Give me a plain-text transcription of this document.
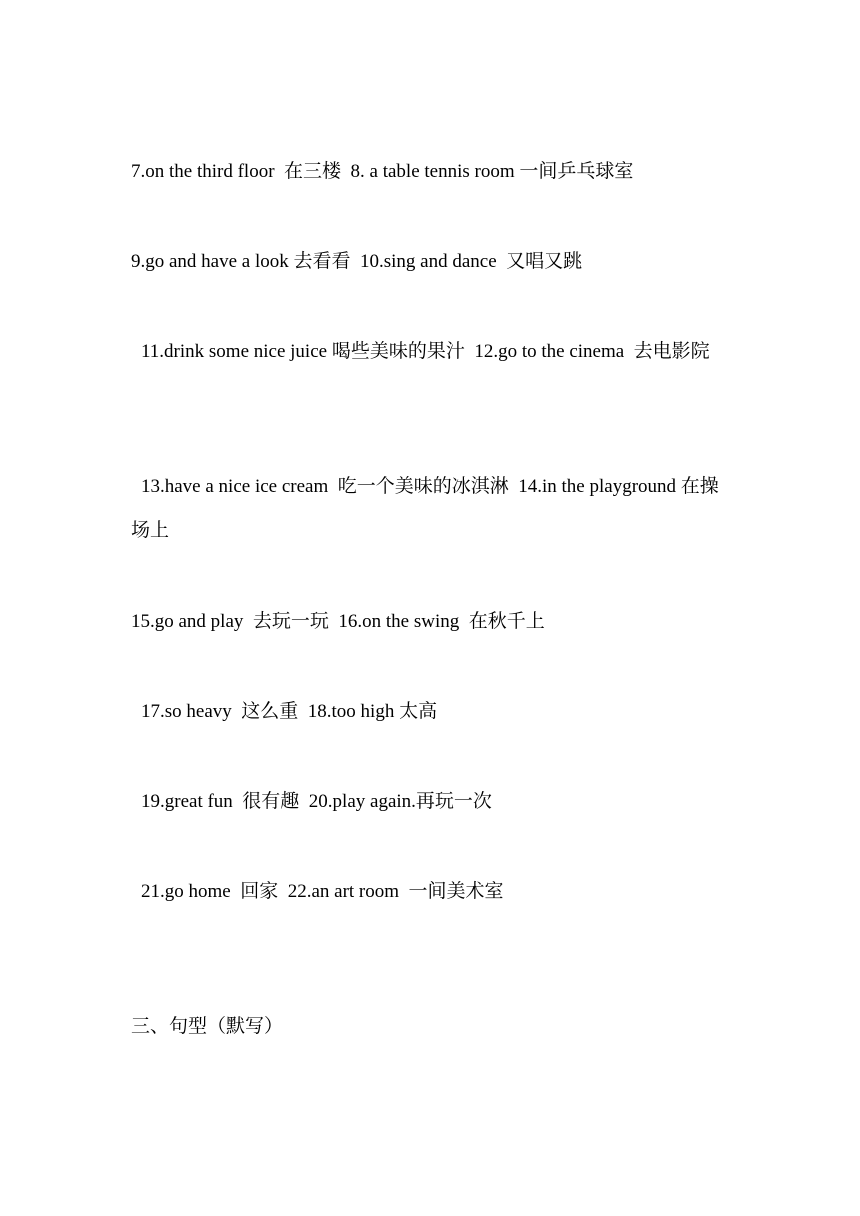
7.on the third floor  在三楼  8. a table tennis room 一间乒乓球室
9.go and have a look 去看看  10.sing and dance  又唱又跳
11.drink some nice juice 喝些美味的果汁  12.go to the cinema  去电影院
13.have a nice ice cream  吃一个美味的冰淇淋  14.in the playground 在操场上
15.go and play  去玩一玩  16.on the swing  在秋千上
17.so heavy  这么重  18.too high 太高
19.great fun  很有趣  20.play again.再玩一次
21.go home  回家  22.an art room  一间美术室
三、句型（默写）
